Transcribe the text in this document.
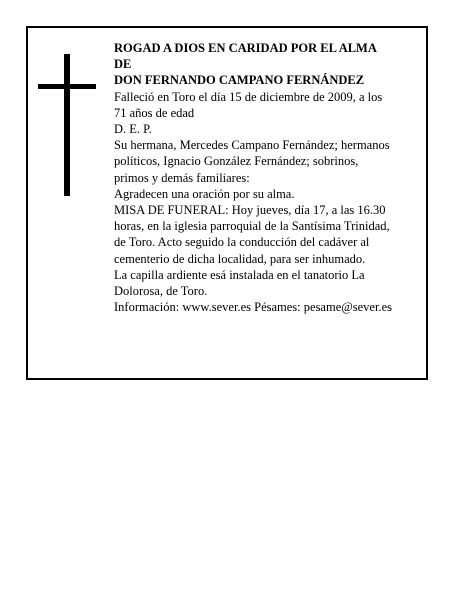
ROGAD A DIOS EN CARIDAD POR EL ALMA
DE
DON FERNANDO CAMPANO FERNÁNDEZ
Falleció en Toro el día 15 de diciembre de 2009, a los
71 años de edad
D. E. P.
Su hermana, Mercedes Campano Fernández; hermanos
políticos, Ignacio González Fernández; sobrinos,
primos y demás familiares:
Agradecen una oración por su alma.
MISA DE FUNERAL: Hoy jueves, día 17, a las 16.30
horas, en la iglesia parroquial de la Santísima Trinidad,
de Toro. Acto seguido la conducción del cadáver al
cementerio de dicha localidad, para ser inhumado.
La capilla ardiente esá instalada en el tanatorio La
Dolorosa, de Toro.
Información: www.sever.es Pésames: pesame@sever.es
